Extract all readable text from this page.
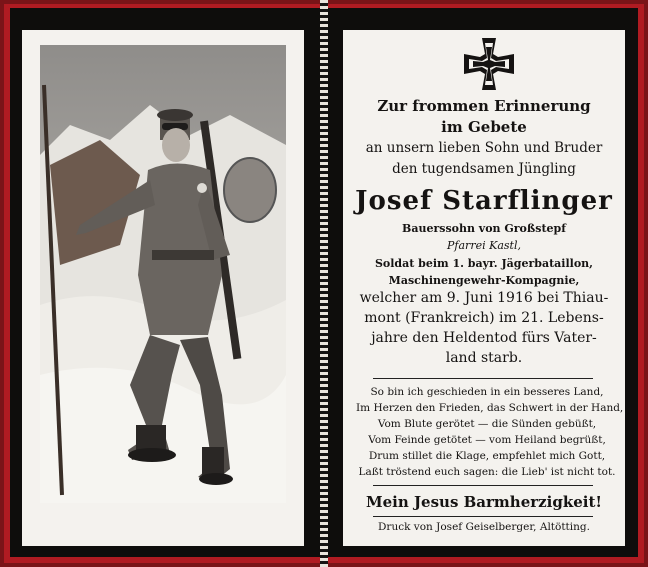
Zur frommen Erinnerung
im Gebete
an unsern lieben Sohn und Bruder
den tugendsamen Jüngling
Josef Starflinger
Bauerssohn von Großstepf
Pfarrei Kastl,
Soldat beim 1. bayr. Jägerbataillon,
Maschinengewehr-Kompagnie,
welcher am 9. Juni 1916 bei Thiau-
mont (Frankreich) im 21. Lebens-
jahre den Heldentod fürs Vater-
land starb.
So bin ich geschieden in ein besseres Land,
Im Herzen den Frieden, das Schwert in der Hand,
Vom Blute gerötet — die Sünden gebüßt,
Vom Feinde getötet — vom Heiland begrüßt,
Drum stillet die Klage, empfehlet mich Gott,
Laßt tröstend euch sagen: die Lieb' ist nicht tot.
Mein Jesus Barmherzigkeit!
Druck von Josef Geiselberger, Altötting.
